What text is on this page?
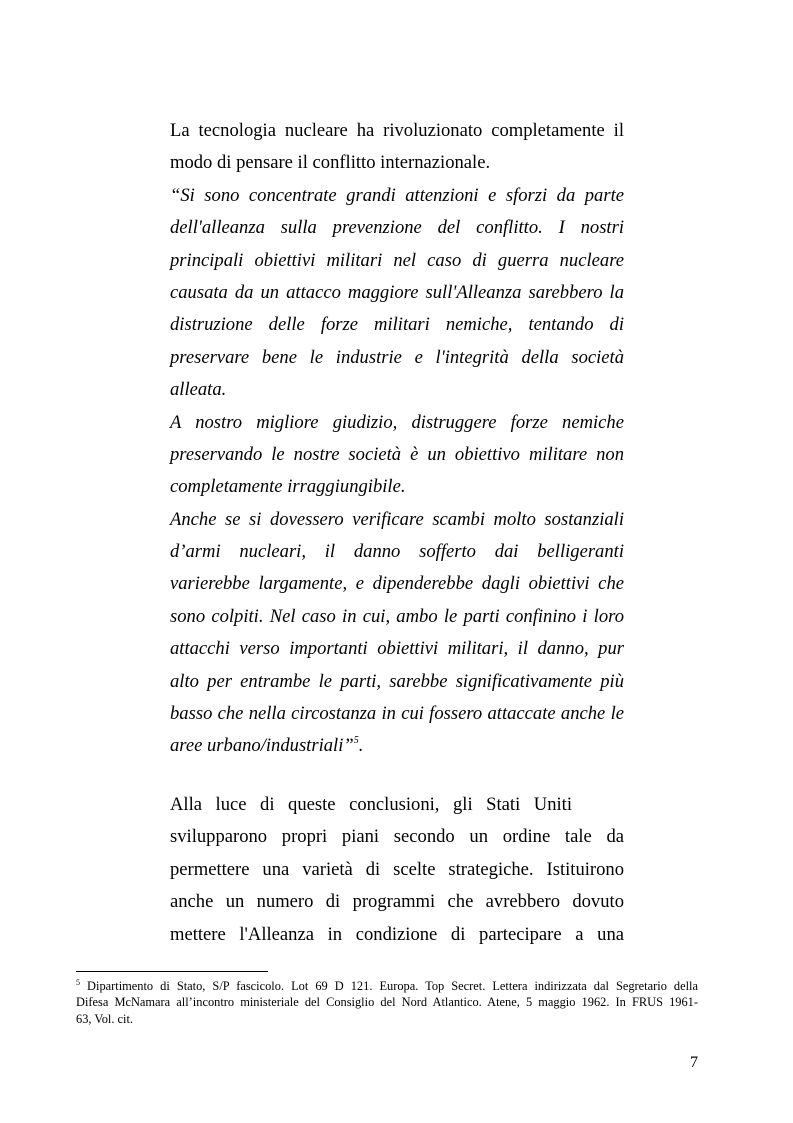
La tecnologia nucleare ha rivoluzionato completamente il
modo di pensare il conflitto internazionale.
“Si sono concentrate grandi attenzioni e sforzi da parte
dell'alleanza sulla prevenzione del conflitto. I nostri
principali obiettivi militari nel caso di guerra nucleare
causata da un attacco maggiore sull'Alleanza sarebbero la
distruzione delle forze militari nemiche, tentando di
preservare bene le industrie e l'integrità della società
alleata.
A nostro migliore giudizio, distruggere forze nemiche
preservando le nostre società è un obiettivo militare non
completamente irraggiungibile.
Anche se si dovessero verificare scambi molto sostanziali
d’armi nucleari, il danno sofferto dai belligeranti
varierebbe largamente, e dipenderebbe dagli obiettivi che
sono colpiti. Nel caso in cui, ambo le parti confinino i loro
attacchi verso importanti obiettivi militari, il danno, pur
alto per entrambe le parti, sarebbe significativamente più
basso che nella circostanza in cui fossero attaccate anche le
aree urbano/industriali”$^5$.
Alla luce di queste conclusioni, gli Stati Uniti
svilupparono propri piani secondo un ordine tale da
permettere una varietà di scelte strategiche. Istituirono
anche un numero di programmi che avrebbero dovuto
mettere l'Alleanza in condizione di partecipare a una
$^5$ Dipartimento di Stato, S/P fascicolo. Lot 69 D 121. Europa. Top Secret. Lettera indirizzata dal Segretario della
Difesa McNamara all’incontro ministeriale del Consiglio del Nord Atlantico. Atene, 5 maggio 1962. In FRUS 1961-
63, Vol. cit.
7
